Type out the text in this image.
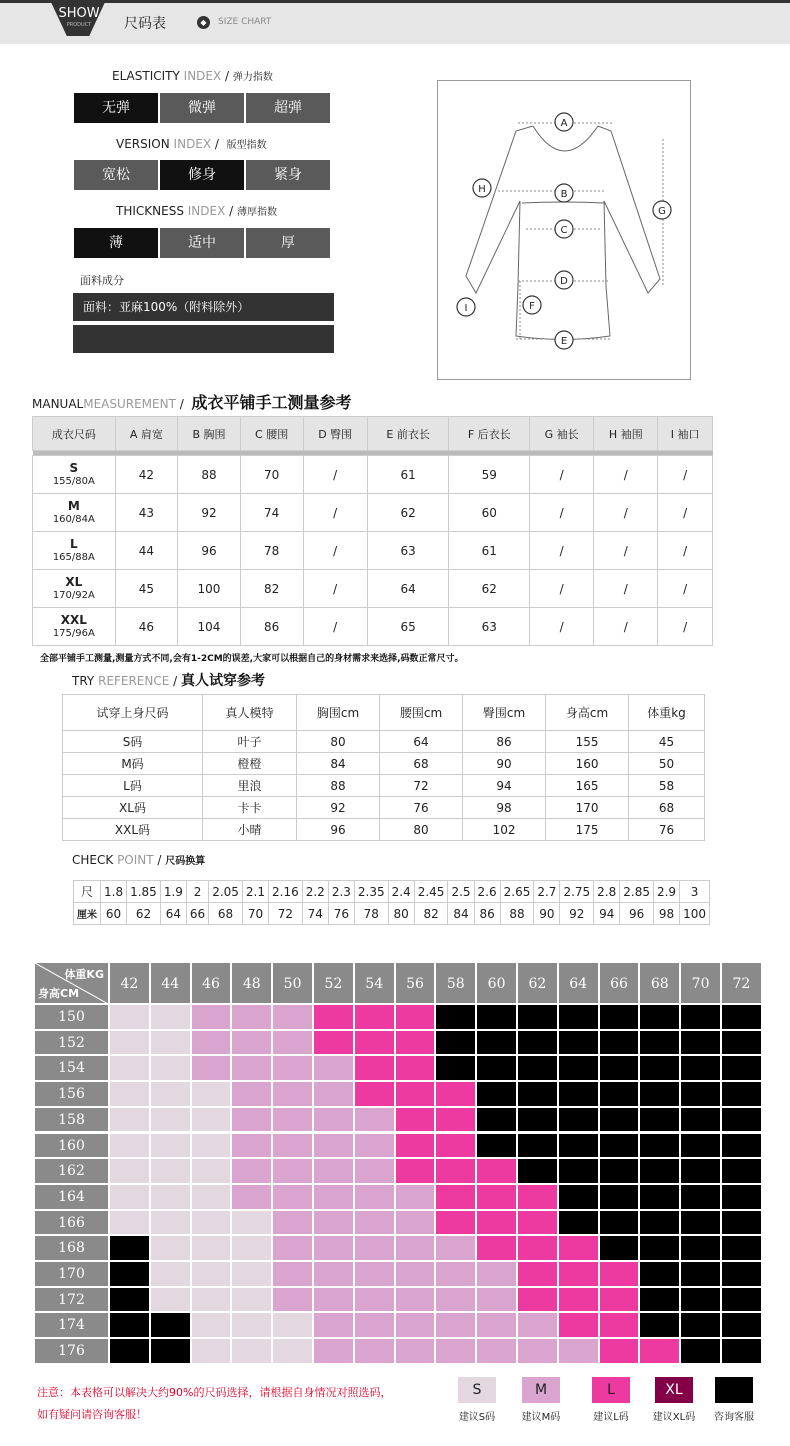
SHOW
PRODUCT	尺码表	◆	SIZE CHART
ELASTICITY INDEX / 弹力指数
无弹	微弹	超弹
VERSION INDEX /  版型指数
宽松	修身	紧身
THICKNESS INDEX / 薄厚指数
薄	适中	厚
面料成分
面料：亚麻100%（附料除外）
A
B
C
D
E
F
G
H
I
MANUALMEASUREMENT /  成衣平铺手工测量参考
成衣尺码	A 肩宽	B 胸围	C 腰围	D 臀围	E 前衣长	F 后衣长	G 袖长	H 袖围	I 袖口

S
155/80A	42	88	70	/	61	59	/	/	/

M
160/84A	43	92	74	/	62	60	/	/	/

L
165/88A	44	96	78	/	63	61	/	/	/

XL
170/92A	45	100	82	/	64	62	/	/	/

XXL
175/96A	46	104	86	/	65	63	/	/	/
全部平铺手工测量,测量方式不同,会有1-2CM的误差,大家可以根据自己的身材需求来选择,码数正常尺寸。
TRY REFERENCE / 真人试穿参考
试穿上身尺码	真人模特	胸围cm	腰围cm	臀围cm	身高cm	体重kg
S码	叶子	80	64	86	155	45
M码	橙橙	84	68	90	160	50
L码	里浪	88	72	94	165	58
XL码	卡卡	92	76	98	170	68
XXL码	小晴	96	80	102	175	76
CHECK POINT / 尺码换算
尺	1.8	1.85	1.9	2	2.05	2.1	2.16	2.2	2.3	2.35	2.4	2.45	2.5	2.6	2.65	2.7	2.75	2.8	2.85	2.9	3
厘米	60	62	64	66	68	70	72	74	76	78	80	82	84	86	88	90	92	94	96	98	100
体重KG
身高CM
42	44	46	48	50	52	54	56	58	60	62	64	66	68	70	72
150
152
154
156
158
160
162
164
166
168
170
172
174
176
注意：本表格可以解决大约90%的尺码选择，请根据自身情况对照选码，
如有疑问请咨询客服！
S
建议S码
M
建议M码
L
建议L码
XL
建议XL码	咨询客服
